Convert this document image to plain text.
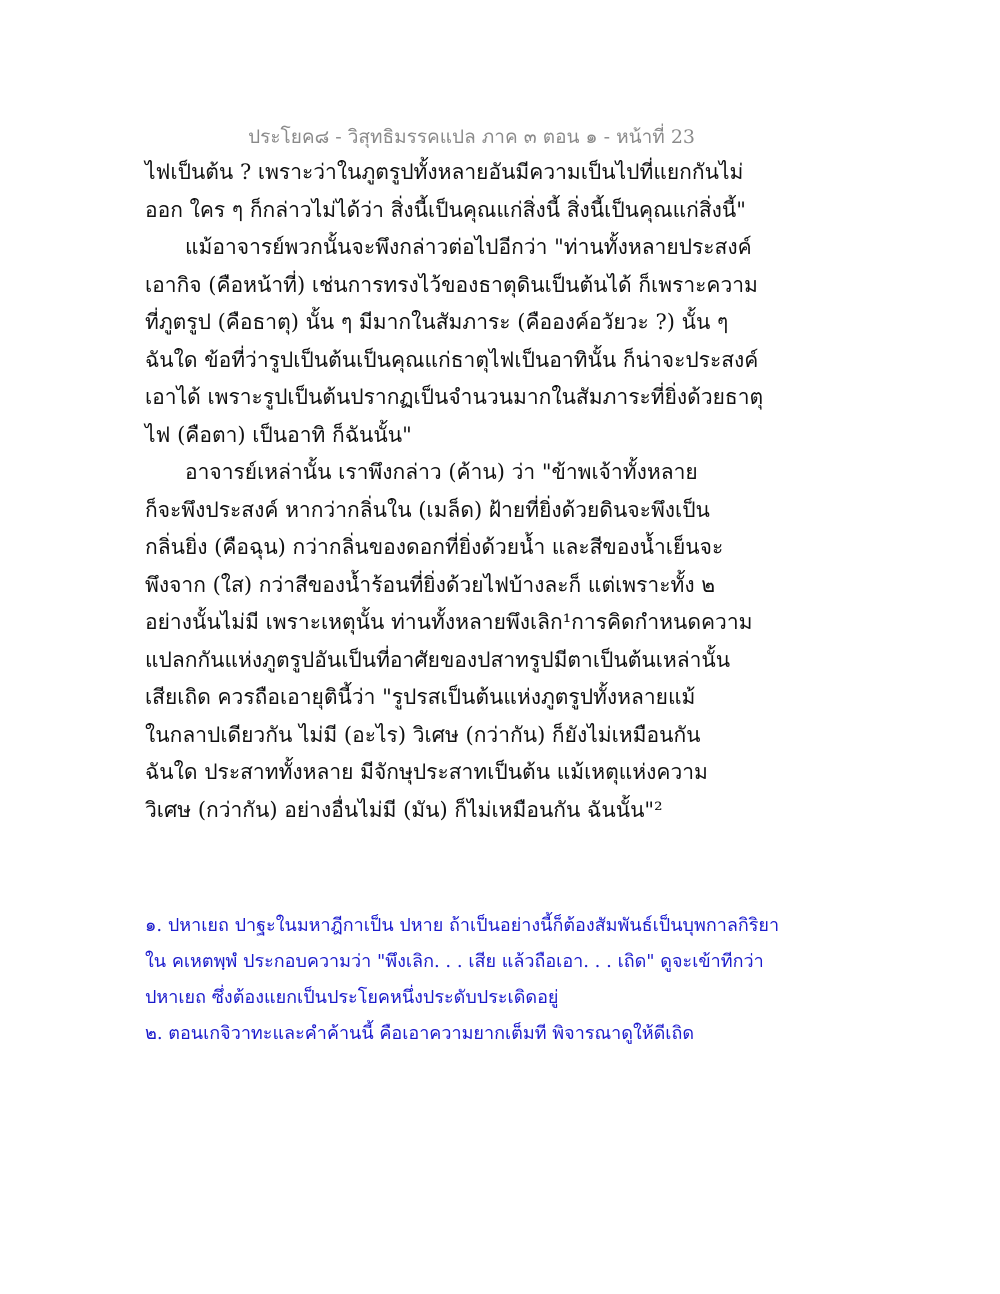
ประโยค๘ - วิสุทธิมรรคแปล ภาค ๓ ตอน ๑ - หน้าที่ 23
ไฟเป็นต้น ? เพราะว่าในภูตรูปทั้งหลายอันมีความเป็นไปที่แยกกันไม่
ออก ใคร ๆ ก็กล่าวไม่ได้ว่า สิ่งนี้เป็นคุณแก่สิ่งนี้ สิ่งนี้เป็นคุณแก่สิ่งนี้"
แม้อาจารย์พวกนั้นจะพึงกล่าวต่อไปอีกว่า "ท่านทั้งหลายประสงค์
เอากิจ (คือหน้าที่) เช่นการทรงไว้ของธาตุดินเป็นต้นได้ ก็เพราะความ
ที่ภูตรูป (คือธาตุ) นั้น ๆ มีมากในสัมภาระ (คือองค์อวัยวะ ?) นั้น ๆ
ฉันใด ข้อที่ว่ารูปเป็นต้นเป็นคุณแก่ธาตุไฟเป็นอาทินั้น ก็น่าจะประสงค์
เอาได้ เพราะรูปเป็นต้นปรากฏเป็นจำนวนมากในสัมภาระที่ยิ่งด้วยธาตุ
ไฟ (คือตา) เป็นอาทิ ก็ฉันนั้น"
อาจารย์เหล่านั้น เราพึงกล่าว (ค้าน) ว่า "ข้าพเจ้าทั้งหลาย
ก็จะพึงประสงค์ หากว่ากลิ่นใน (เมล็ด) ฝ้ายที่ยิ่งด้วยดินจะพึงเป็น
กลิ่นยิ่ง (คือฉุน) กว่ากลิ่นของดอกที่ยิ่งด้วยน้ำ และสีของน้ำเย็นจะ
พึงจาก (ใส) กว่าสีของน้ำร้อนที่ยิ่งด้วยไฟบ้างละก็ แต่เพราะทั้ง ๒
อย่างนั้นไม่มี เพราะเหตุนั้น ท่านทั้งหลายพึงเลิก¹การคิดกำหนดความ
แปลกกันแห่งภูตรูปอันเป็นที่อาศัยของปสาทรูปมีตาเป็นต้นเหล่านั้น
เสียเถิด ควรถือเอายุตินี้ว่า "รูปรสเป็นต้นแห่งภูตรูปทั้งหลายแม้
ในกลาปเดียวกัน ไม่มี (อะไร) วิเศษ (กว่ากัน) ก็ยังไม่เหมือนกัน
ฉันใด ประสาททั้งหลาย มีจักษุประสาทเป็นต้น แม้เหตุแห่งความ
วิเศษ (กว่ากัน) อย่างอื่นไม่มี (มัน) ก็ไม่เหมือนกัน ฉันนั้น"²
๑. ปหาเยถ ปาฐะในมหาฎีกาเป็น ปหาย ถ้าเป็นอย่างนี้ก็ต้องสัมพันธ์เป็นบุพกาลกิริยา
ใน คเหตพฺพํ ประกอบความว่า "พึงเลิก. . . เสีย แล้วถือเอา. . . เถิด" ดูจะเข้าทีกว่า
ปหาเยถ ซึ่งต้องแยกเป็นประโยคหนึ่งประดับประเดิดอยู่
๒. ตอนเกจิวาทะและคำค้านนี้ คือเอาความยากเต็มที พิจารณาดูให้ดีเถิด
